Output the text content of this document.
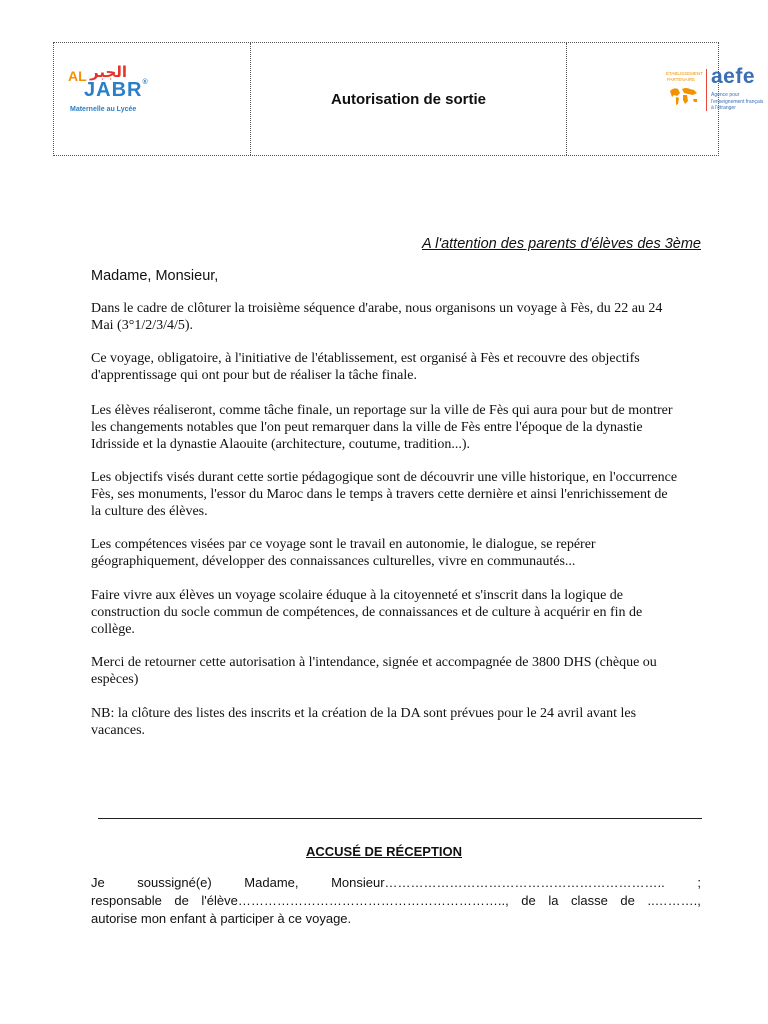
الجبر
AL
JABR®
Maternelle au Lycée
Autorisation de sortie
ÉTABLISSEMENT PARTENAIRE aefe
Agence pour
l'enseignement français
à l'étranger
A l'attention des parents d'élèves des 3ème
Madame, Monsieur,

Dans le cadre de clôturer la troisième séquence d'arabe, nous organisons un voyage à Fès, du 22 au 24 Mai (3°1/2/3/4/5).

Ce voyage, obligatoire, à l'initiative de l'établissement, est organisé à Fès et recouvre des objectifs d'apprentissage qui ont pour but de réaliser la tâche finale.

Les élèves réaliseront, comme tâche finale, un reportage sur la ville de Fès qui aura pour but de montrer les changements notables que l'on peut remarquer dans la ville de Fès entre l'époque de la dynastie Idrisside et la dynastie Alaouite (architecture, coutume, tradition...).

Les objectifs visés durant cette sortie pédagogique sont de découvrir une ville historique, en l'occurrence Fès, ses monuments, l'essor du Maroc dans le temps à travers cette dernière et ainsi l'enrichissement de la culture des élèves.

Les compétences visées par ce voyage sont le travail en autonomie, le dialogue, se repérer géographiquement, développer des connaissances culturelles, vivre en communautés...

Faire vivre aux élèves un voyage scolaire éduque à la citoyenneté et s'inscrit dans la logique de construction du socle commun de compétences, de connaissances et de culture à acquérir en fin de collège.

Merci de retourner cette autorisation à l'intendance, signée et accompagnée de 3800 DHS (chèque ou espèces)

NB: la clôture des listes des inscrits et la création de la DA sont prévues pour le 24 avril avant les vacances.

ACCUSÉ DE RÉCEPTION
Je	soussigné(e)	Madame,	Monsieur………………………………………………………..	;
responsable de l'élève…………………………………………………….., de la classe de ..……….,
autorise mon enfant à participer à ce voyage.
